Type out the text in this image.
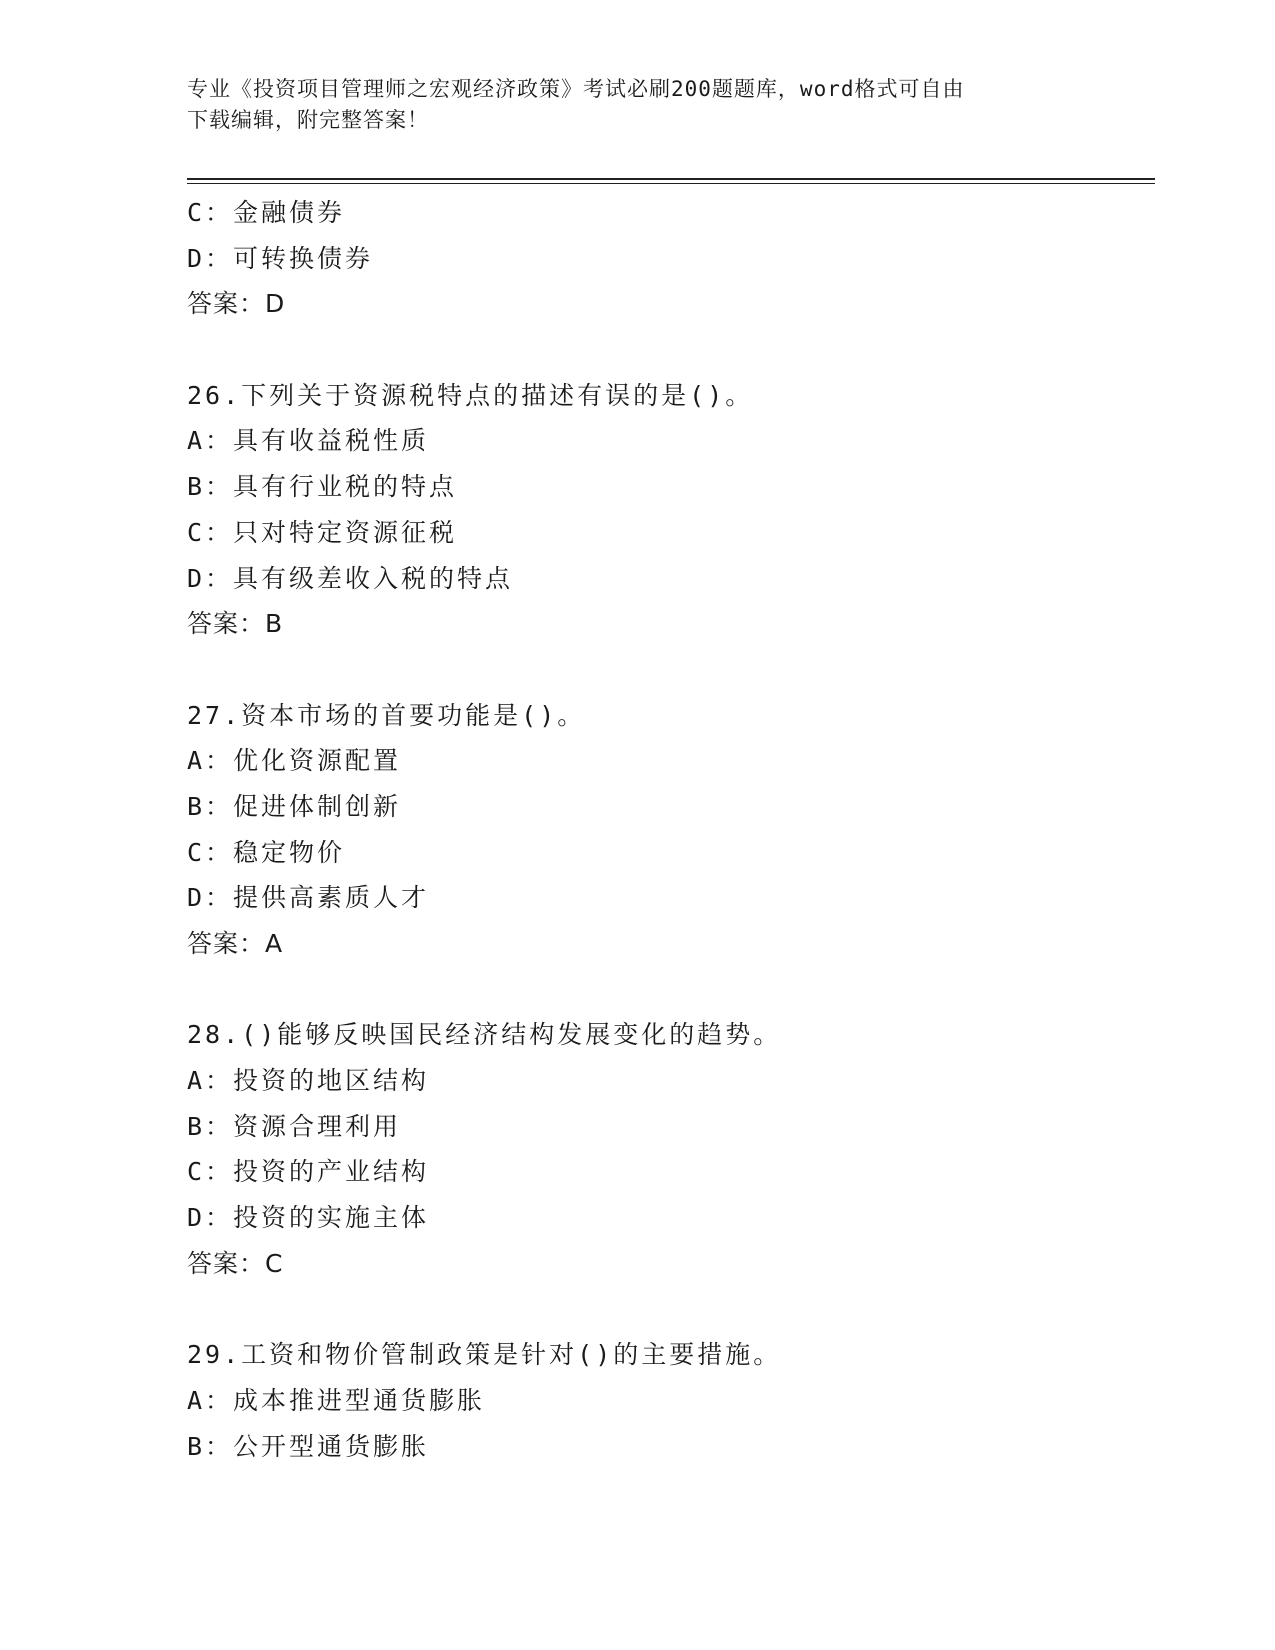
专业《投资项目管理师之宏观经济政策》考试必刷200题题库，word格式可自由
下载编辑，附完整答案！
C：金融债券
D：可转换债券
答案：D
26.下列关于资源税特点的描述有误的是()。
A：具有收益税性质
B：具有行业税的特点
C：只对特定资源征税
D：具有级差收入税的特点
答案：B
27.资本市场的首要功能是()。
A：优化资源配置
B：促进体制创新
C：稳定物价
D：提供高素质人才
答案：A
28.()能够反映国民经济结构发展变化的趋势。
A：投资的地区结构
B：资源合理利用
C：投资的产业结构
D：投资的实施主体
答案：C
29.工资和物价管制政策是针对()的主要措施。
A：成本推进型通货膨胀
B：公开型通货膨胀
